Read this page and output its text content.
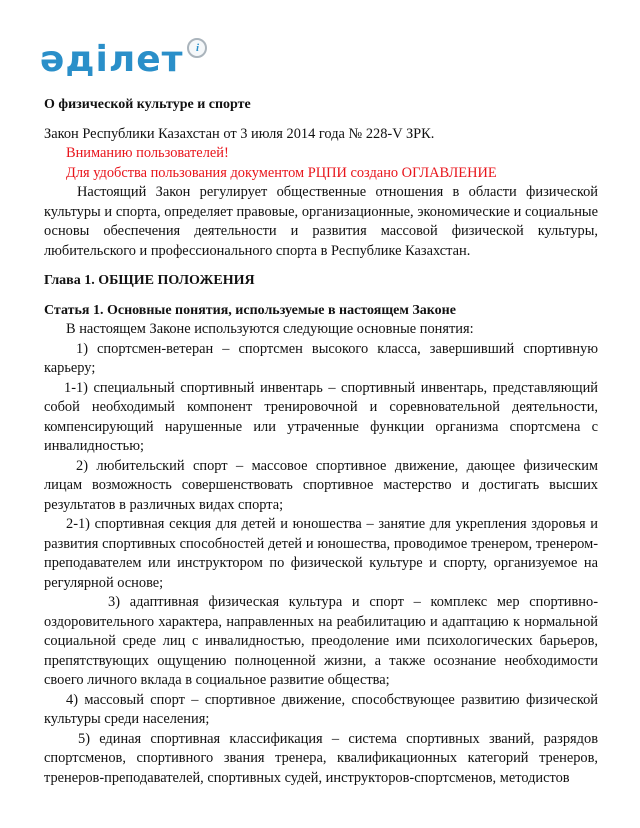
әділет	i

О физической культуре и спорте

Закон Республики Казахстан от 3 июля 2014 года № 228-V ЗРК.

Вниманию пользователей!

Для удобства пользования документом РЦПИ создано ОГЛАВЛЕНИЕ

Настоящий Закон регулирует общественные отношения в области физической культуры и спорта, определяет правовые, организационные, экономические и социальные основы обеспечения деятельности и развития массовой физической культуры, любительского и профессионального спорта в Республике Казахстан.

Глава 1. ОБЩИЕ ПОЛОЖЕНИЯ

Статья 1. Основные понятия, используемые в настоящем Законе

В настоящем Законе используются следующие основные понятия:

1) спортсмен-ветеран – спортсмен высокого класса, завершивший спортивную карьеру;

1-1) специальный спортивный инвентарь – спортивный инвентарь, представляющий собой необходимый компонент тренировочной и соревновательной деятельности, компенсирующий нарушенные или утраченные функции организма спортсмена с инвалидностью;

2) любительский спорт – массовое спортивное движение, дающее физическим лицам возможность совершенствовать спортивное мастерство и достигать высших результатов в различных видах спорта;

2-1) спортивная секция для детей и юношества – занятие для укрепления здоровья и развития спортивных способностей детей и юношества, проводимое тренером, тренером-преподавателем или инструктором по физической культуре и спорту, организуемое на регулярной основе;

3) адаптивная физическая культура и спорт – комплекс мер спортивно-оздоровительного характера, направленных на реабилитацию и адаптацию к нормальной социальной среде лиц с инвалидностью, преодоление ими психологических барьеров, препятствующих ощущению полноценной жизни, а также осознание необходимости своего личного вклада в социальное развитие общества;

4) массовый спорт – спортивное движение, способствующее развитию физической культуры среди населения;

5) единая спортивная классификация – система спортивных званий, разрядов спортсменов, спортивного звания тренера, квалификационных категорий тренеров, тренеров-преподавателей, спортивных судей, инструкторов-спортсменов, методистов
